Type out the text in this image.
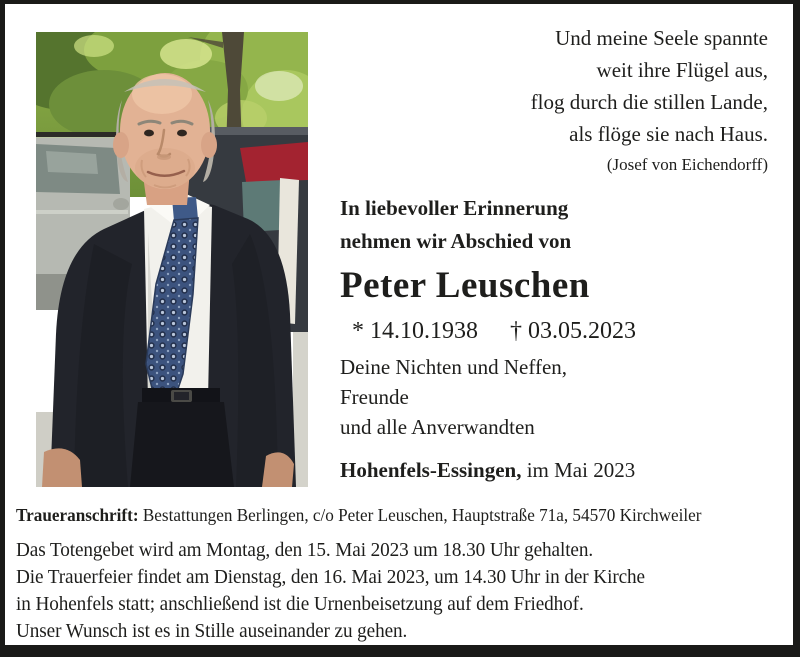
Und meine Seele spannte
weit ihre Flügel aus,
flog durch die stillen Lande,
als flöge sie nach Haus.
(Josef von Eichendorff)
In liebevoller Erinnerung
nehmen wir Abschied von
Peter Leuschen
* 14.10.1938 † 03.05.2023
Deine Nichten und Neffen,
Freunde
und alle Anverwandten
Hohenfels-Essingen, im Mai 2023
Traueranschrift: Bestattungen Berlingen, c/o Peter Leuschen, Hauptstraße 71a, 54570 Kirchweiler
Das Totengebet wird am Montag, den 15. Mai 2023 um 18.30 Uhr gehalten.
Die Trauerfeier findet am Dienstag, den 16. Mai 2023, um 14.30 Uhr in der Kirche
in Hohenfels statt; anschließend ist die Urnenbeisetzung auf dem Friedhof.
Unser Wunsch ist es in Stille auseinander zu gehen.
